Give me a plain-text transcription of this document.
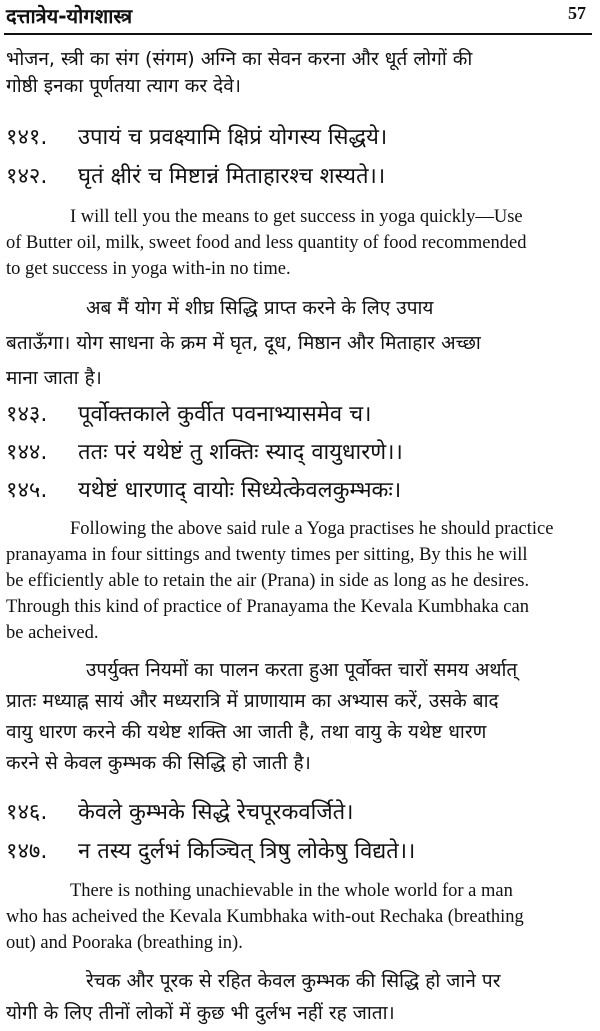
दत्तात्रेय-योगशास्त्र	57
भोजन, स्त्री का संग (संगम) अग्नि का सेवन करना और धूर्त लोगों की
गोष्ठी इनका पूर्णतया त्याग कर देवे।
१४१. उपायं च प्रवक्ष्यामि क्षिप्रं योगस्य सिद्धये।
१४२. घृतं क्षीरं च मिष्टान्नं मिताहारश्च शस्यते।।
I will tell you the means to get success in yoga quickly—Use
of Butter oil, milk, sweet food and less quantity of food recommended
to get success in yoga with-in no time.
अब मैं योग में शीघ्र सिद्धि प्राप्त करने के लिए उपाय
बताऊँगा। योग साधना के क्रम में घृत, दूध, मिष्ठान और मिताहार अच्छा
माना जाता है।
१४३. पूर्वोक्तकाले कुर्वीत पवनाभ्यासमेव च।
१४४. ततः परं यथेष्टं तु शक्तिः स्याद् वायुधारणे।।
१४५. यथेष्टं धारणाद् वायोः सिध्येत्केवलकुम्भकः।
Following the above said rule a Yoga practises he should practice
pranayama in four sittings and twenty times per sitting, By this he will
be efficiently able to retain the air (Prana) in side as long as he desires.
Through this kind of practice of Pranayama the Kevala Kumbhaka can
be acheived.
उपर्युक्त नियमों का पालन करता हुआ पूर्वोक्त चारों समय अर्थात्
प्रातः मध्याह्न सायं और मध्यरात्रि में प्राणायाम का अभ्यास करें, उसके बाद
वायु धारण करने की यथेष्ट शक्ति आ जाती है, तथा वायु के यथेष्ट धारण
करने से केवल कुम्भक की सिद्धि हो जाती है।
१४६. केवले कुम्भके सिद्धे रेचपूरकवर्जिते।
१४७. न तस्य दुर्लभं किञ्चित् त्रिषु लोकेषु विद्यते।।
There is nothing unachievable in the whole world for a man
who has acheived the Kevala Kumbhaka with-out Rechaka (breathing
out) and Pooraka (breathing in).
रेचक और पूरक से रहित केवल कुम्भक की सिद्धि हो जाने पर
योगी के लिए तीनों लोकों में कुछ भी दुर्लभ नहीं रह जाता।
